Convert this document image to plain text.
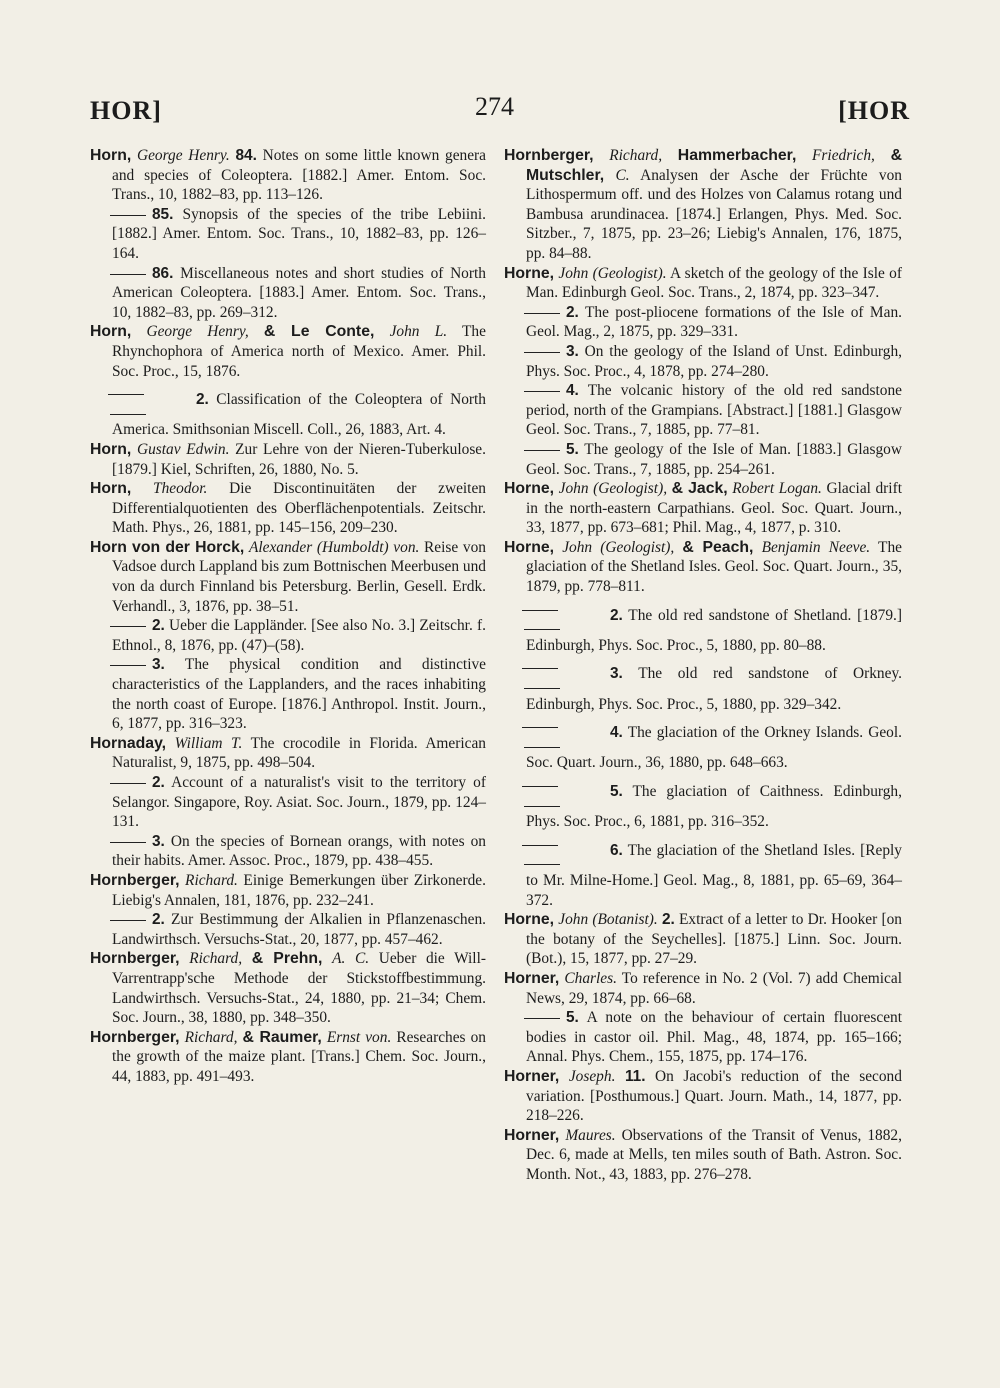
HOR]	274	[HOR
Horn, George Henry. 84. Notes on some little known genera and species of Coleoptera. [1882.] Amer. Entom. Soc. Trans., 10, 1882–83, pp. 113–126.
85. Synopsis of the species of the tribe Lebiini. [1882.] Amer. Entom. Soc. Trans., 10, 1882–83, pp. 126–164.
86. Miscellaneous notes and short studies of North American Coleoptera. [1883.] Amer. Entom. Soc. Trans., 10, 1882–83, pp. 269–312.
Horn, George Henry, & Le Conte, John L. The Rhynchophora of America north of Mexico. Amer. Phil. Soc. Proc., 15, 1876.
2. Classification of the Coleoptera of North America. Smithsonian Miscell. Coll., 26, 1883, Art. 4.
Horn, Gustav Edwin. Zur Lehre von der Nieren-Tuberkulose. [1879.] Kiel, Schriften, 26, 1880, No. 5.
Horn, Theodor. Die Discontinuitäten der zweiten Differentialquotienten des Oberflächenpotentials. Zeitschr. Math. Phys., 26, 1881, pp. 145–156, 209–230.
Horn von der Horck, Alexander (Humboldt) von. Reise von Vadsoe durch Lappland bis zum Bottnischen Meerbusen und von da durch Finnland bis Petersburg. Berlin, Gesell. Erdk. Verhandl., 3, 1876, pp. 38–51.
2. Ueber die Lappländer. [See also No. 3.] Zeitschr. f. Ethnol., 8, 1876, pp. (47)–(58).
3. The physical condition and distinctive characteristics of the Lapplanders, and the races inhabiting the north coast of Europe. [1876.] Anthropol. Instit. Journ., 6, 1877, pp. 316–323.
Hornaday, William T. The crocodile in Florida. American Naturalist, 9, 1875, pp. 498–504.
2. Account of a naturalist's visit to the territory of Selangor. Singapore, Roy. Asiat. Soc. Journ., 1879, pp. 124–131.
3. On the species of Bornean orangs, with notes on their habits. Amer. Assoc. Proc., 1879, pp. 438–455.
Hornberger, Richard. Einige Bemerkungen über Zirkonerde. Liebig's Annalen, 181, 1876, pp. 232–241.
2. Zur Bestimmung der Alkalien in Pflanzenaschen. Landwirthsch. Versuchs-Stat., 20, 1877, pp. 457–462.
Hornberger, Richard, & Prehn, A. C. Ueber die Will-Varrentrapp'sche Methode der Stickstoffbestimmung. Landwirthsch. Versuchs-Stat., 24, 1880, pp. 21–34; Chem. Soc. Journ., 38, 1880, pp. 348–350.
Hornberger, Richard, & Raumer, Ernst von. Researches on the growth of the maize plant. [Trans.] Chem. Soc. Journ., 44, 1883, pp. 491–493.
Hornberger, Richard, Hammerbacher, Friedrich, & Mutschler, C. Analysen der Asche der Früchte von Lithospermum off. und des Holzes von Calamus rotang und Bambusa arundinacea. [1874.] Erlangen, Phys. Med. Soc. Sitzber., 7, 1875, pp. 23–26; Liebig's Annalen, 176, 1875, pp. 84–88.
Horne, John (Geologist). A sketch of the geology of the Isle of Man. Edinburgh Geol. Soc. Trans., 2, 1874, pp. 323–347.
2. The post-pliocene formations of the Isle of Man. Geol. Mag., 2, 1875, pp. 329–331.
3. On the geology of the Island of Unst. Edinburgh, Phys. Soc. Proc., 4, 1878, pp. 274–280.
4. The volcanic history of the old red sandstone period, north of the Grampians. [Abstract.] [1881.] Glasgow Geol. Soc. Trans., 7, 1885, pp. 77–81.
5. The geology of the Isle of Man. [1883.] Glasgow Geol. Soc. Trans., 7, 1885, pp. 254–261.
Horne, John (Geologist), & Jack, Robert Logan. Glacial drift in the north-eastern Carpathians. Geol. Soc. Quart. Journ., 33, 1877, pp. 673–681; Phil. Mag., 4, 1877, p. 310.
Horne, John (Geologist), & Peach, Benjamin Neeve. The glaciation of the Shetland Isles. Geol. Soc. Quart. Journ., 35, 1879, pp. 778–811.
2. The old red sandstone of Shetland. [1879.] Edinburgh, Phys. Soc. Proc., 5, 1880, pp. 80–88.
3. The old red sandstone of Orkney. Edinburgh, Phys. Soc. Proc., 5, 1880, pp. 329–342.
4. The glaciation of the Orkney Islands. Geol. Soc. Quart. Journ., 36, 1880, pp. 648–663.
5. The glaciation of Caithness. Edinburgh, Phys. Soc. Proc., 6, 1881, pp. 316–352.
6. The glaciation of the Shetland Isles. [Reply to Mr. Milne-Home.] Geol. Mag., 8, 1881, pp. 65–69, 364–372.
Horne, John (Botanist). 2. Extract of a letter to Dr. Hooker [on the botany of the Seychelles]. [1875.] Linn. Soc. Journ. (Bot.), 15, 1877, pp. 27–29.
Horner, Charles. To reference in No. 2 (Vol. 7) add Chemical News, 29, 1874, pp. 66–68.
5. A note on the behaviour of certain fluorescent bodies in castor oil. Phil. Mag., 48, 1874, pp. 165–166; Annal. Phys. Chem., 155, 1875, pp. 174–176.
Horner, Joseph. 11. On Jacobi's reduction of the second variation. [Posthumous.] Quart. Journ. Math., 14, 1877, pp. 218–226.
Horner, Maures. Observations of the Transit of Venus, 1882, Dec. 6, made at Mells, ten miles south of Bath. Astron. Soc. Month. Not., 43, 1883, pp. 276–278.
